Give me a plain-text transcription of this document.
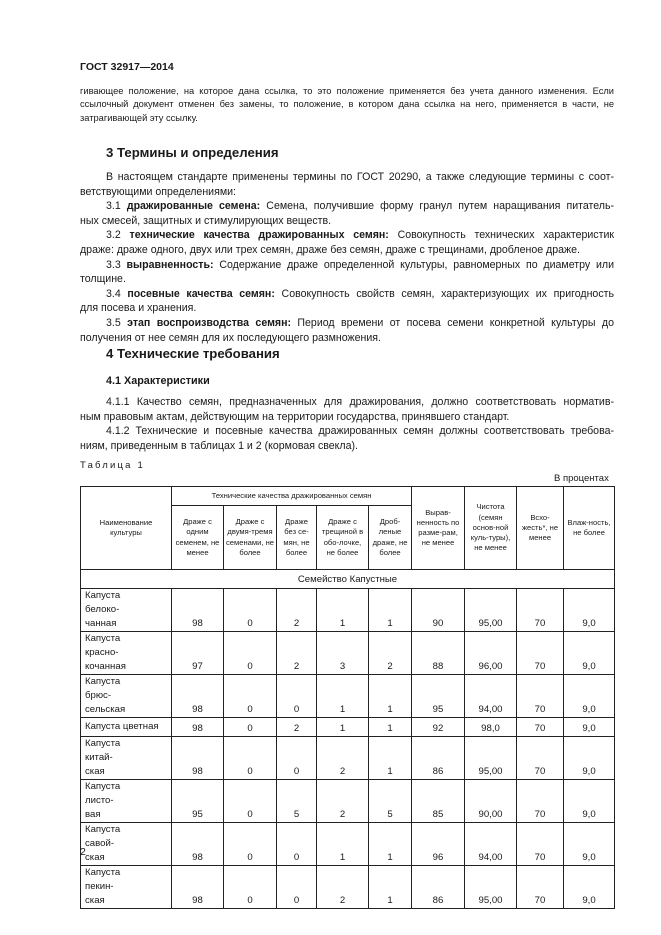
ГОСТ 32917—2014
гивающее положение, на которое дана ссылка, то это положение применяется без учета данного изменения. Если
ссылочный документ отменен без замены, то положение, в котором дана ссылка на него, применяется в части, не
затрагивающей эту ссылку.
3 Термины и определения
В настоящем стандарте применены термины по ГОСТ 20290, а также следующие термины с соот-
ветствующими определениями:
3.1 дражированные семена: Семена, получившие форму гранул путем наращивания питатель-
ных смесей, защитных и стимулирующих веществ.
3.2 технические качества дражированных семян: Совокупность технических характеристик
драже: драже одного, двух или трех семян, драже без семян, драже с трещинами, дробленое драже.
3.3 выравненность: Содержание драже определенной культуры, равномерных по диаметру или
толщине.
3.4 посевные качества семян: Совокупность свойств семян, характеризующих их пригодность
для посева и хранения.
3.5 этап воспроизводства семян: Период времени от посева семени конкретной культуры до
получения от нее семян для их последующего размножения.
4 Технические требования
4.1 Характеристики
4.1.1 Качество семян, предназначенных для дражирования, должно соответствовать норматив-
ным правовым актам, действующим на территории государства, принявшего стандарт.
4.1.2 Технические и посевные качества дражированных семян должны соответствовать требова-
ниям, приведенным в таблицах 1 и 2 (кормовая свекла).
Таблица 1
В процентах
Наименование культуры	Технические качества дражированных семян					Вырав-ненность по разме-рам, не менее	Чистота (семян основ-ной куль-туры), не менее	Всхо-жесть*, не менее	Влаж-ность, не более
	Драже с одним семенем, не менее	Драже с двумя-тремя семенами, не более	Драже без се-мян, не более	Драже с трещиной в обо-лочке, не более	Дроб-леные драже, не более				
Семейство Капустные									

Капуста
белоко-
чанная	98	0	2	1	1	90	95,00	70	9,0

Капуста
красно-
кочанная	97	0	2	3	2	88	96,00	70	9,0

Капуста
брюс-
сельская	98	0	0	1	1	95	94,00	70	9,0

Капуста цветная	98	0	2	1	1	92	98,0	70	9,0

Капуста
китай-
ская	98	0	0	2	1	86	95,00	70	9,0

Капуста
листо-
вая	95	0	5	2	5	85	90,00	70	9,0

Капуста
савой-
ская	98	0	0	1	1	96	94,00	70	9,0

Капуста
пекин-
ская	98	0	0	2	1	86	95,00	70	9,0
2
